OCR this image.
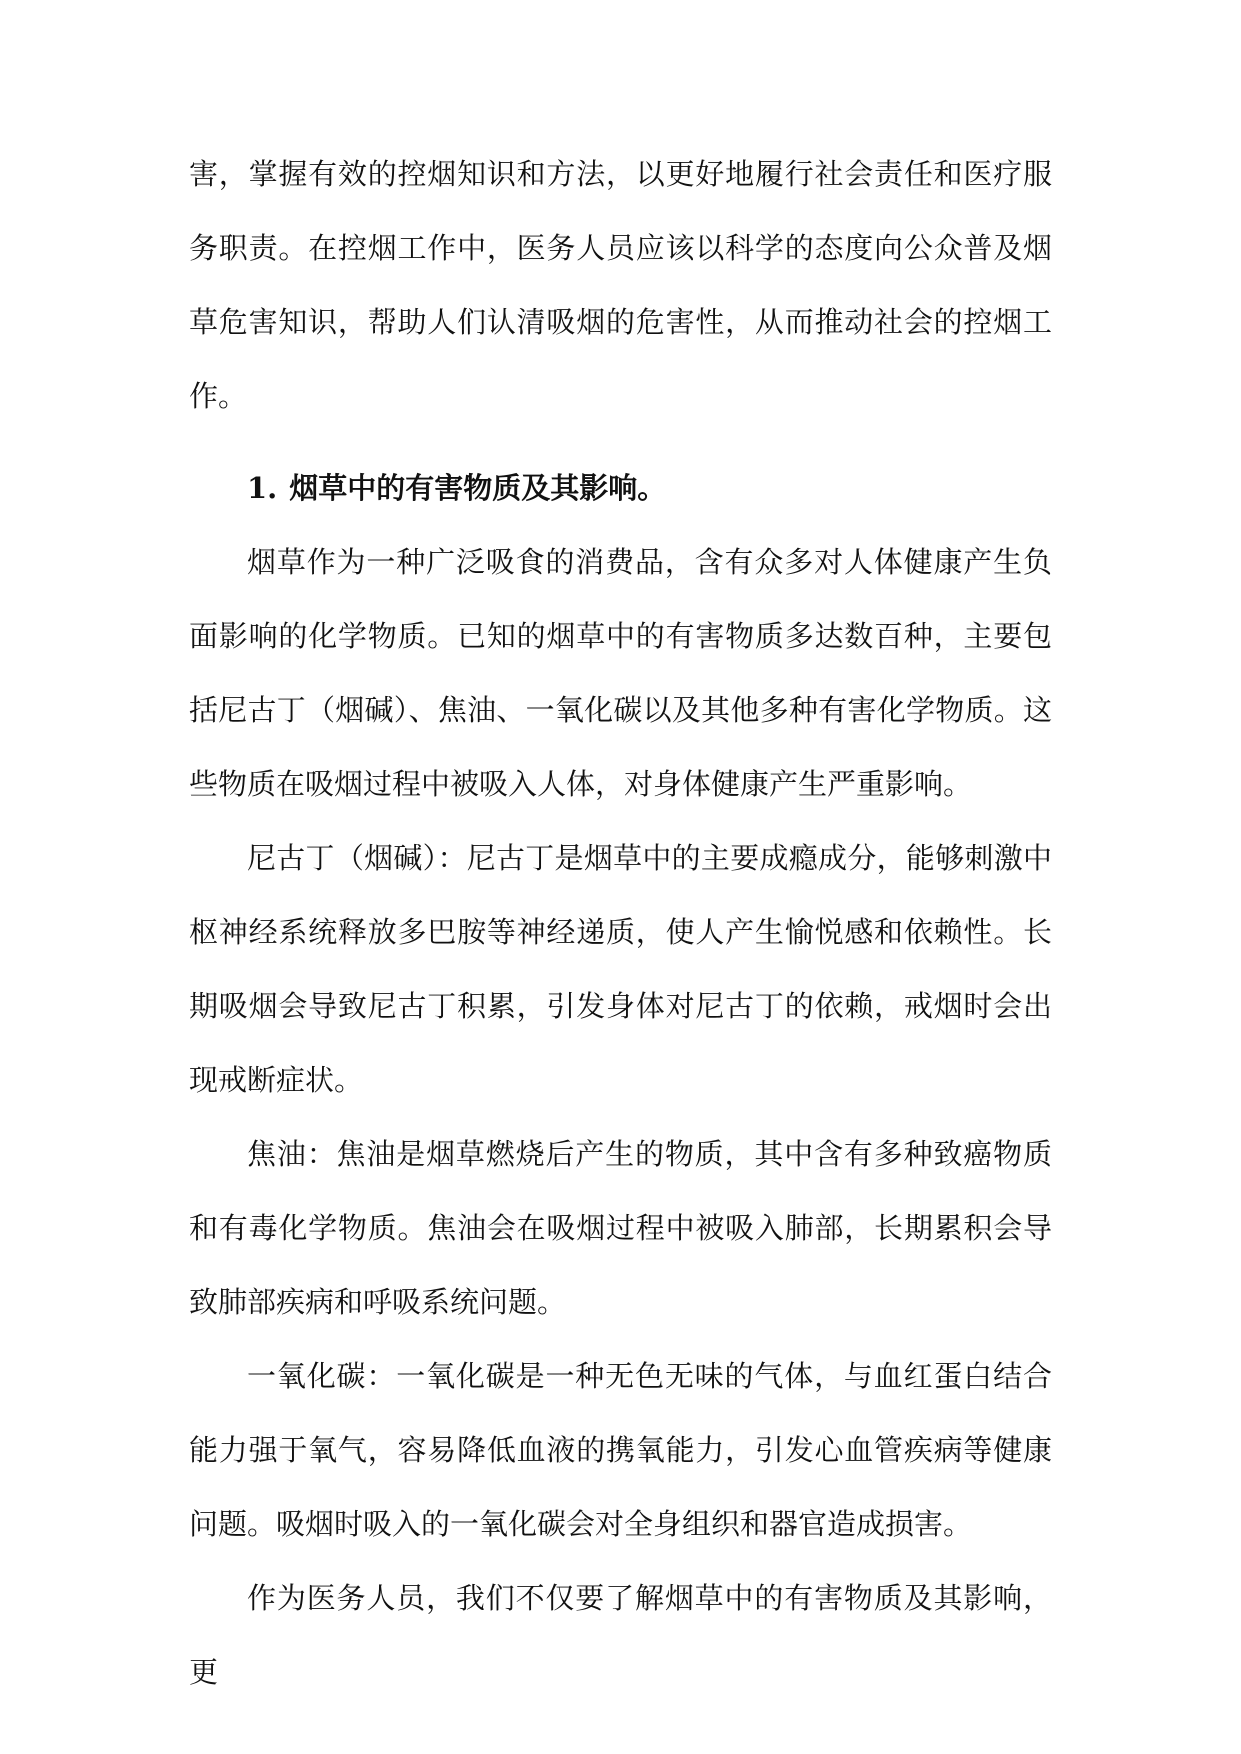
害，掌握有效的控烟知识和方法，以更好地履行社会责任和医疗服务职责。在控烟工作中，医务人员应该以科学的态度向公众普及烟草危害知识，帮助人们认清吸烟的危害性，从而推动社会的控烟工作。

1. 烟草中的有害物质及其影响。

烟草作为一种广泛吸食的消费品，含有众多对人体健康产生负面影响的化学物质。已知的烟草中的有害物质多达数百种，主要包括尼古丁（烟碱）、焦油、一氧化碳以及其他多种有害化学物质。这些物质在吸烟过程中被吸入人体，对身体健康产生严重影响。

尼古丁（烟碱）：尼古丁是烟草中的主要成瘾成分，能够刺激中枢神经系统释放多巴胺等神经递质，使人产生愉悦感和依赖性。长期吸烟会导致尼古丁积累，引发身体对尼古丁的依赖，戒烟时会出现戒断症状。

焦油：焦油是烟草燃烧后产生的物质，其中含有多种致癌物质和有毒化学物质。焦油会在吸烟过程中被吸入肺部，长期累积会导致肺部疾病和呼吸系统问题。

一氧化碳：一氧化碳是一种无色无味的气体，与血红蛋白结合能力强于氧气，容易降低血液的携氧能力，引发心血管疾病等健康问题。吸烟时吸入的一氧化碳会对全身组织和器官造成损害。

作为医务人员，我们不仅要了解烟草中的有害物质及其影响，更
